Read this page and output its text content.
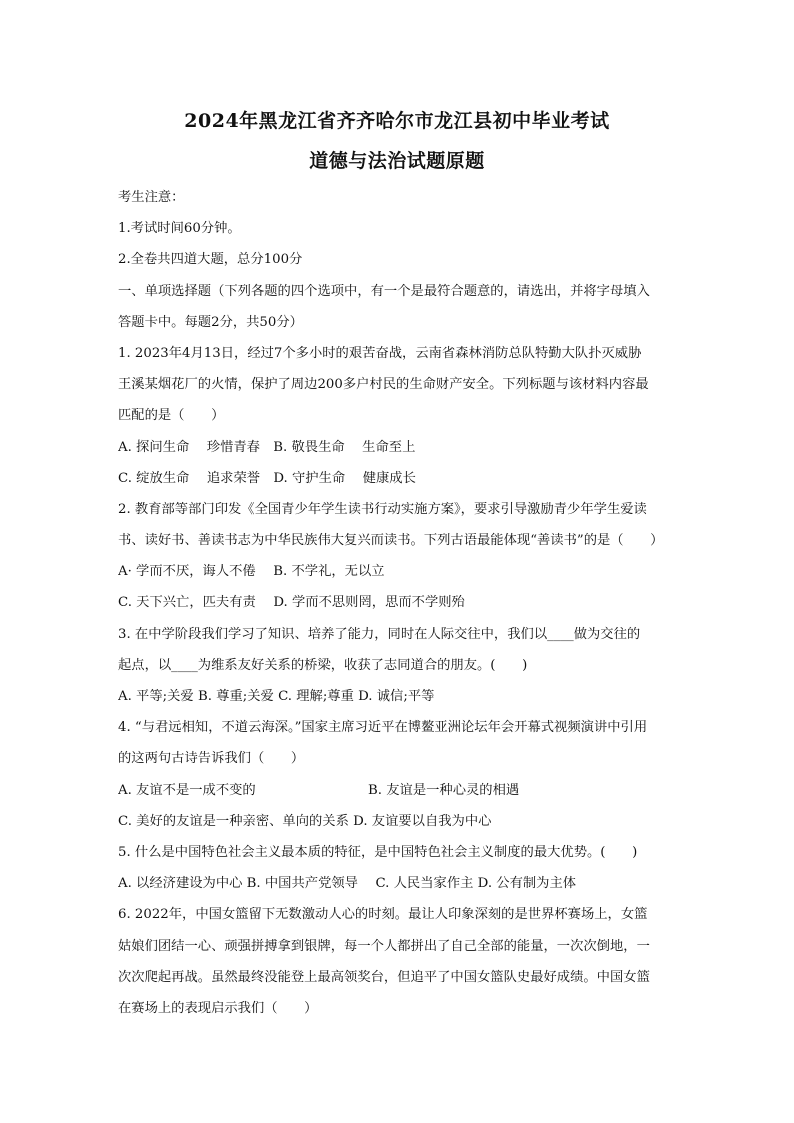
2024年黑龙江省齐齐哈尔市龙江县初中毕业考试
道德与法治试题原题
考生注意：
1.考试时间60分钟。
2.全卷共四道大题，总分100分
一、单项选择题（下列各题的四个选项中，有一个是最符合题意的，请选出，并将字母填入
答题卡中。每题2分，共50分）
1. 2023年4月13日，经过7个多小时的艰苦奋战，云南省森林消防总队特勤大队扑灭威胁
王溪某烟花厂的火情，保护了周边200多户村民的生命财产安全。下列标题与该材料内容最
匹配的是（　　）
A. 探问生命　 珍惜青春　B. 敬畏生命　 生命至上
C. 绽放生命　 追求荣誉　D. 守护生命　 健康成长
2. 教育部等部门印发《全国青少年学生读书行动实施方案》，要求引导激励青少年学生爱读
书、读好书、善读书志为中华民族伟大复兴而读书。下列古语最能体现“善读书”的是（　　）
A· 学而不厌，诲人不倦　 B. 不学礼，无以立
C. 天下兴亡，匹夫有责　 D. 学而不思则罔，思而不学则殆
3. 在中学阶段我们学习了知识、培养了能力，同时在人际交往中，我们以____做为交往的
起点，以____为维系友好关系的桥梁，收获了志同道合的朋友。(　　)
A. 平等;关爱 B. 尊重;关爱 C. 理解;尊重 D. 诚信;平等
4. “与君远相知，不道云海深。”国家主席习近平在博鳌亚洲论坛年会开幕式视频演讲中引用
的这两句古诗告诉我们（　　）
A. 友谊不是一成不变的	B. 友谊是一种心灵的相遇
C. 美好的友谊是一种亲密、单向的关系 D. 友谊要以自我为中心
5. 什么是中国特色社会主义最本质的特征，是中国特色社会主义制度的最大优势。(　　)
A. 以经济建设为中心 B. 中国共产党领导　 C. 人民当家作主 D. 公有制为主体
6. 2022年，中国女篮留下无数激动人心的时刻。最让人印象深刻的是世界杯赛场上，女篮
姑娘们团结一心、顽强拼搏拿到银牌，每一个人都拼出了自己全部的能量，一次次倒地，一
次次爬起再战。虽然最终没能登上最高领奖台，但追平了中国女篮队史最好成绩。中国女篮
在赛场上的表现启示我们（　　）
